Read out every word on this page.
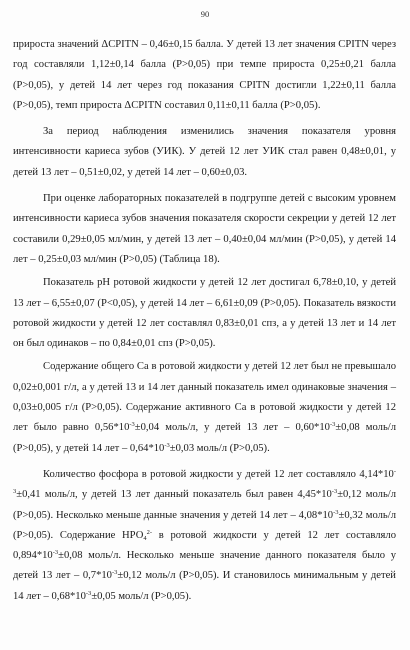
90

прироста значений ΔCPITN – 0,46±0,15 балла. У детей 13 лет значения CPITN через год составляли 1,12±0,14 балла (Р>0,05) при темпе прироста 0,25±0,21 балла (Р>0,05), у детей 14 лет через год показания CPITN достигли 1,22±0,11 балла (Р>0,05), темп прироста ΔCPITN составил 0,11±0,11 балла (Р>0,05).

За период наблюдения изменились значения показателя уровня интенсивности кариеса зубов (УИК). У детей 12 лет УИК стал равен 0,48±0,01, у детей 13 лет – 0,51±0,02, у детей 14 лет – 0,60±0,03.

При оценке лабораторных показателей в подгруппе детей с высоким уровнем интенсивности кариеса зубов значения показателя скорости секреции у детей 12 лет составили 0,29±0,05 мл/мин, у детей 13 лет – 0,40±0,04 мл/мин (Р>0,05), у детей 14 лет – 0,25±0,03 мл/мин (Р>0,05) (Таблица 18).

Показатель рН ротовой жидкости у детей 12 лет достигал 6,78±0,10, у детей 13 лет – 6,55±0,07 (Р<0,05), у детей 14 лет – 6,61±0,09 (Р>0,05). Показатель вязкости ротовой жидкости у детей 12 лет составлял 0,83±0,01 спз, а у детей 13 лет и 14 лет он был одинаков – по 0,84±0,01 спз (Р>0,05).

Содержание общего Са в ротовой жидкости у детей 12 лет был не превышало 0,02±0,001 г/л, а у детей 13 и 14 лет данный показатель имел одинаковые значения – 0,03±0,005 г/л (Р>0,05). Содержание активного Са в ротовой жидкости у детей 12 лет было равно $0,56*10^{-3}\pm 0,04$ моль/л, у детей 13 лет – $0,60*10^{-3}\pm 0,08$ моль/л (Р>0,05), у детей 14 лет – $0,64*10^{-3}\pm 0,03$ моль/л (Р>0,05).

Количество фосфора в ротовой жидкости у детей 12 лет составляло $4,14*10^{-3}\pm 0,41$ моль/л, у детей 13 лет данный показатель был равен $4,45*10^{-3}\pm 0,12$ моль/л (Р>0,05). Несколько меньше данные значения у детей 14 лет – $4,08*10^{-3}\pm 0,32$ моль/л (Р>0,05). Содержание $НРО_4^{2-}$ в ротовой жидкости у детей 12 лет составляло $0,894*10^{-3}\pm 0,08$ моль/л. Несколько меньше значение данного показателя было у детей 13 лет – $0,7*10^{-3}\pm 0,12$ моль/л (Р>0,05). И становилось минимальным у детей 14 лет – $0,68*10^{-3}\pm 0,05$ моль/л (Р>0,05).
